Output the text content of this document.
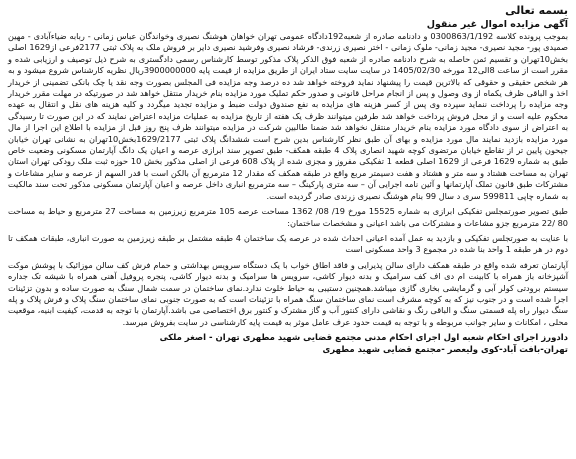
بسمه تعالی
آگهی مزایده اموال غیر منقول

بموجب پرونده کلاسه 0300863/1/192 و دادنامه صادره از شعبه192دادگاه عمومی تهران خواهان هوشنگ نصیری وخواندگان عباس زمانی - ربابه ضیاءآبادی - مهین صمیدی پور- مجید نصیری- مجید زمانی- ملوک زمانی - اختر نصیری زرندی- فرشاد نصیری وفرشید نصیری دایر بر فروش ملک به پلاک ثبتی 2177فرعی از1629 اصلی بخش10تهران و تقسیم ثمن حاصله به شرح دادنامه صادره از شعبه فوق الذکر پلاک مذکور توسط کارشناس رسمی دادگستری به شرح ذیل توصیف و ارزیابی شده و مقرر است از ساعت 8الی12 مورخه 1405/02/30 در سایت سایت ستاد ایران از طریق مزایده از قیمت پایه 3900000000ریال نظریه کارشناس شروع میشود و به هر شخص حقیقی و حقوقی که بالاترین قیمت را پیشنهاد نماید فروخته خواهد شد ده درصد وجه مزایده فی المجلس بصورت وجه نقد یا چک بانکی تضمینی از خریدار اخذ و الباقی ظرف یکماه از وی وصول و پس از انجام مراحل قانونی و صدور حکم تملیک مورد مزایده بنام خریدار منتقل خواهد شد در صورتیکه در مهلت مقرر خریدار وجه مزایده را پرداخت ننماید سپرده وی پس از کسر هزینه های مزایده به نفع صندوق دولت ضبط و مزایده تجدید میگردد و کلیه هزینه های نقل و انتقال به عهده محکوم علیه است و از محل فروش پرداخت خواهد شد طرفین میتوانند ظرف یک هفته از تاریخ مزایده به عملیات مزایده اعتراض نمایند که در این صورت تا رسیدگی به اعتراض از سوی دادگاه مورد مزایده بنام خریدار منتقل نخواهد شد ضمنا طالبین شرکت در مزایده میتوانند ظرف پنج روز قبل از مزایده با اطلاع این اجرا از مال مورد مزایده بازدید نمایند مال مورد مزایده و بهای آن طبق نظر کارشناس بدین شرح است ششدانگ پلاک ثبتی 1629/2177بخش10تهران به نشانی تهران خیابان جیحون پایین تر از تقاطع خیابان مرتضوی کوچه شهید انصاری پلاک 4 طبقه همکف- طبق تصویر سند ابرازی عرصه و اعیان یک دانگ آپارتمان مسکونی وضعیت خاص طبق به شماره 1629 فرعی از 1629 اصلی قطعه 1 تفکیکی مفروز و مجزی شده از پلاک 608 فرعی از اصلی مذکور بخش 10 حوزه ثبت ملک رودکی تهران استان تهران به مساحت هشتاد و سه متر و هشتاد و هفت دسیمتر مربع واقع در طبقه همکف که مقدار 12 مترمربع آن بالکن است با قدر السهم از عرصه و سایر مشاعات و مشترکات طبق قانون تملک آپارتمانها و آئین نامه اجرایی آن – سه متری پارکینگ – سه مترمربع انباری داخل عرصه و اعیان آپارتمان مسکونی مذکور تحت سند مالکیت به شماره چاپی 599811 سری د سال 99 بنام هوشنگ نصیری زرندی صادر گردیده است.

طبق تصویر صورتمجلس تفکیکی ابرازی به شماره 15525 مورخ 19/ 08/ 1362 مساحت عرصه 105 مترمربع زیرزمین به مساحت 27 مترمربع و حیاط به مساحت 80 /22 مترمربع جزو مشاعات و مشترکات می باشد اعیانی و مشخصات ساختمان:

با عنایت به صورتجلس تفکیکی و بازدید به عمل آمده اعیانی احداث شده در عرصه یک ساختمان 4 طبقه مشتمل بر طبقه زیرزمین به صورت انباری، طبقات همکف تا دوم در هر طبقه 1 واحد بنا شده در مجموع 3 واحد مسکونی است

آپارتمان تعرفه شده واقع در طبقه همکف دارای سالن پذیرایی و فاقد اطاق خواب با یک دستگاه سرویس بهداشتی و حمام فرش کف سالن موزائیک با پوشش موکت آشپزخانه باز همراه با کابینت ام دی اف کف سرامیک و بدنه دیوار کاشی، سرویس ها سرامیک و بدنه دیوار کاشی، پنجره پروفیل آهنی همراه با شیشه تک جداره سیستم برودتی کولر آبی و گرمایشی بخاری گازی میباشد.همچنین دستیبی به حیاط خلوت ندارد.نمای ساختمان در سمت شمال سنگ به صورت ساده و بدون تزئینات اجرا شده است و در جنوب نیز که به کوچه مشرف است نمای ساختمان سنگ همراه با تزئینات است که به صورت جنوبی نمای ساختمان سنگ پلاک و فرش پلاک و پله سنگ دیوار راه پله قسمتی سنگ و الباقی رنگ و نقاشی دارای کنتور آب و گاز مشترک و کنتور برق اختصاصی می باشد.آپارتمان با توجه به قدمت، کیفیت ابنیه، موقعیت محلی ، امکانات و سایر جوانب مربوطه و با توجه به قیمت حدود عرف عامل موثر به قیمت پایه کارشناسی در سایت بفروش میرسد.

دادورز اجرای احکام شعبه اول اجرای احکام مدنی مجتمع قضایی شهید مطهری تهران - اصغر ملکی
تهران-بافت آباد-کوی ولیعصر -مجتمع قضایی شهید مطهری
